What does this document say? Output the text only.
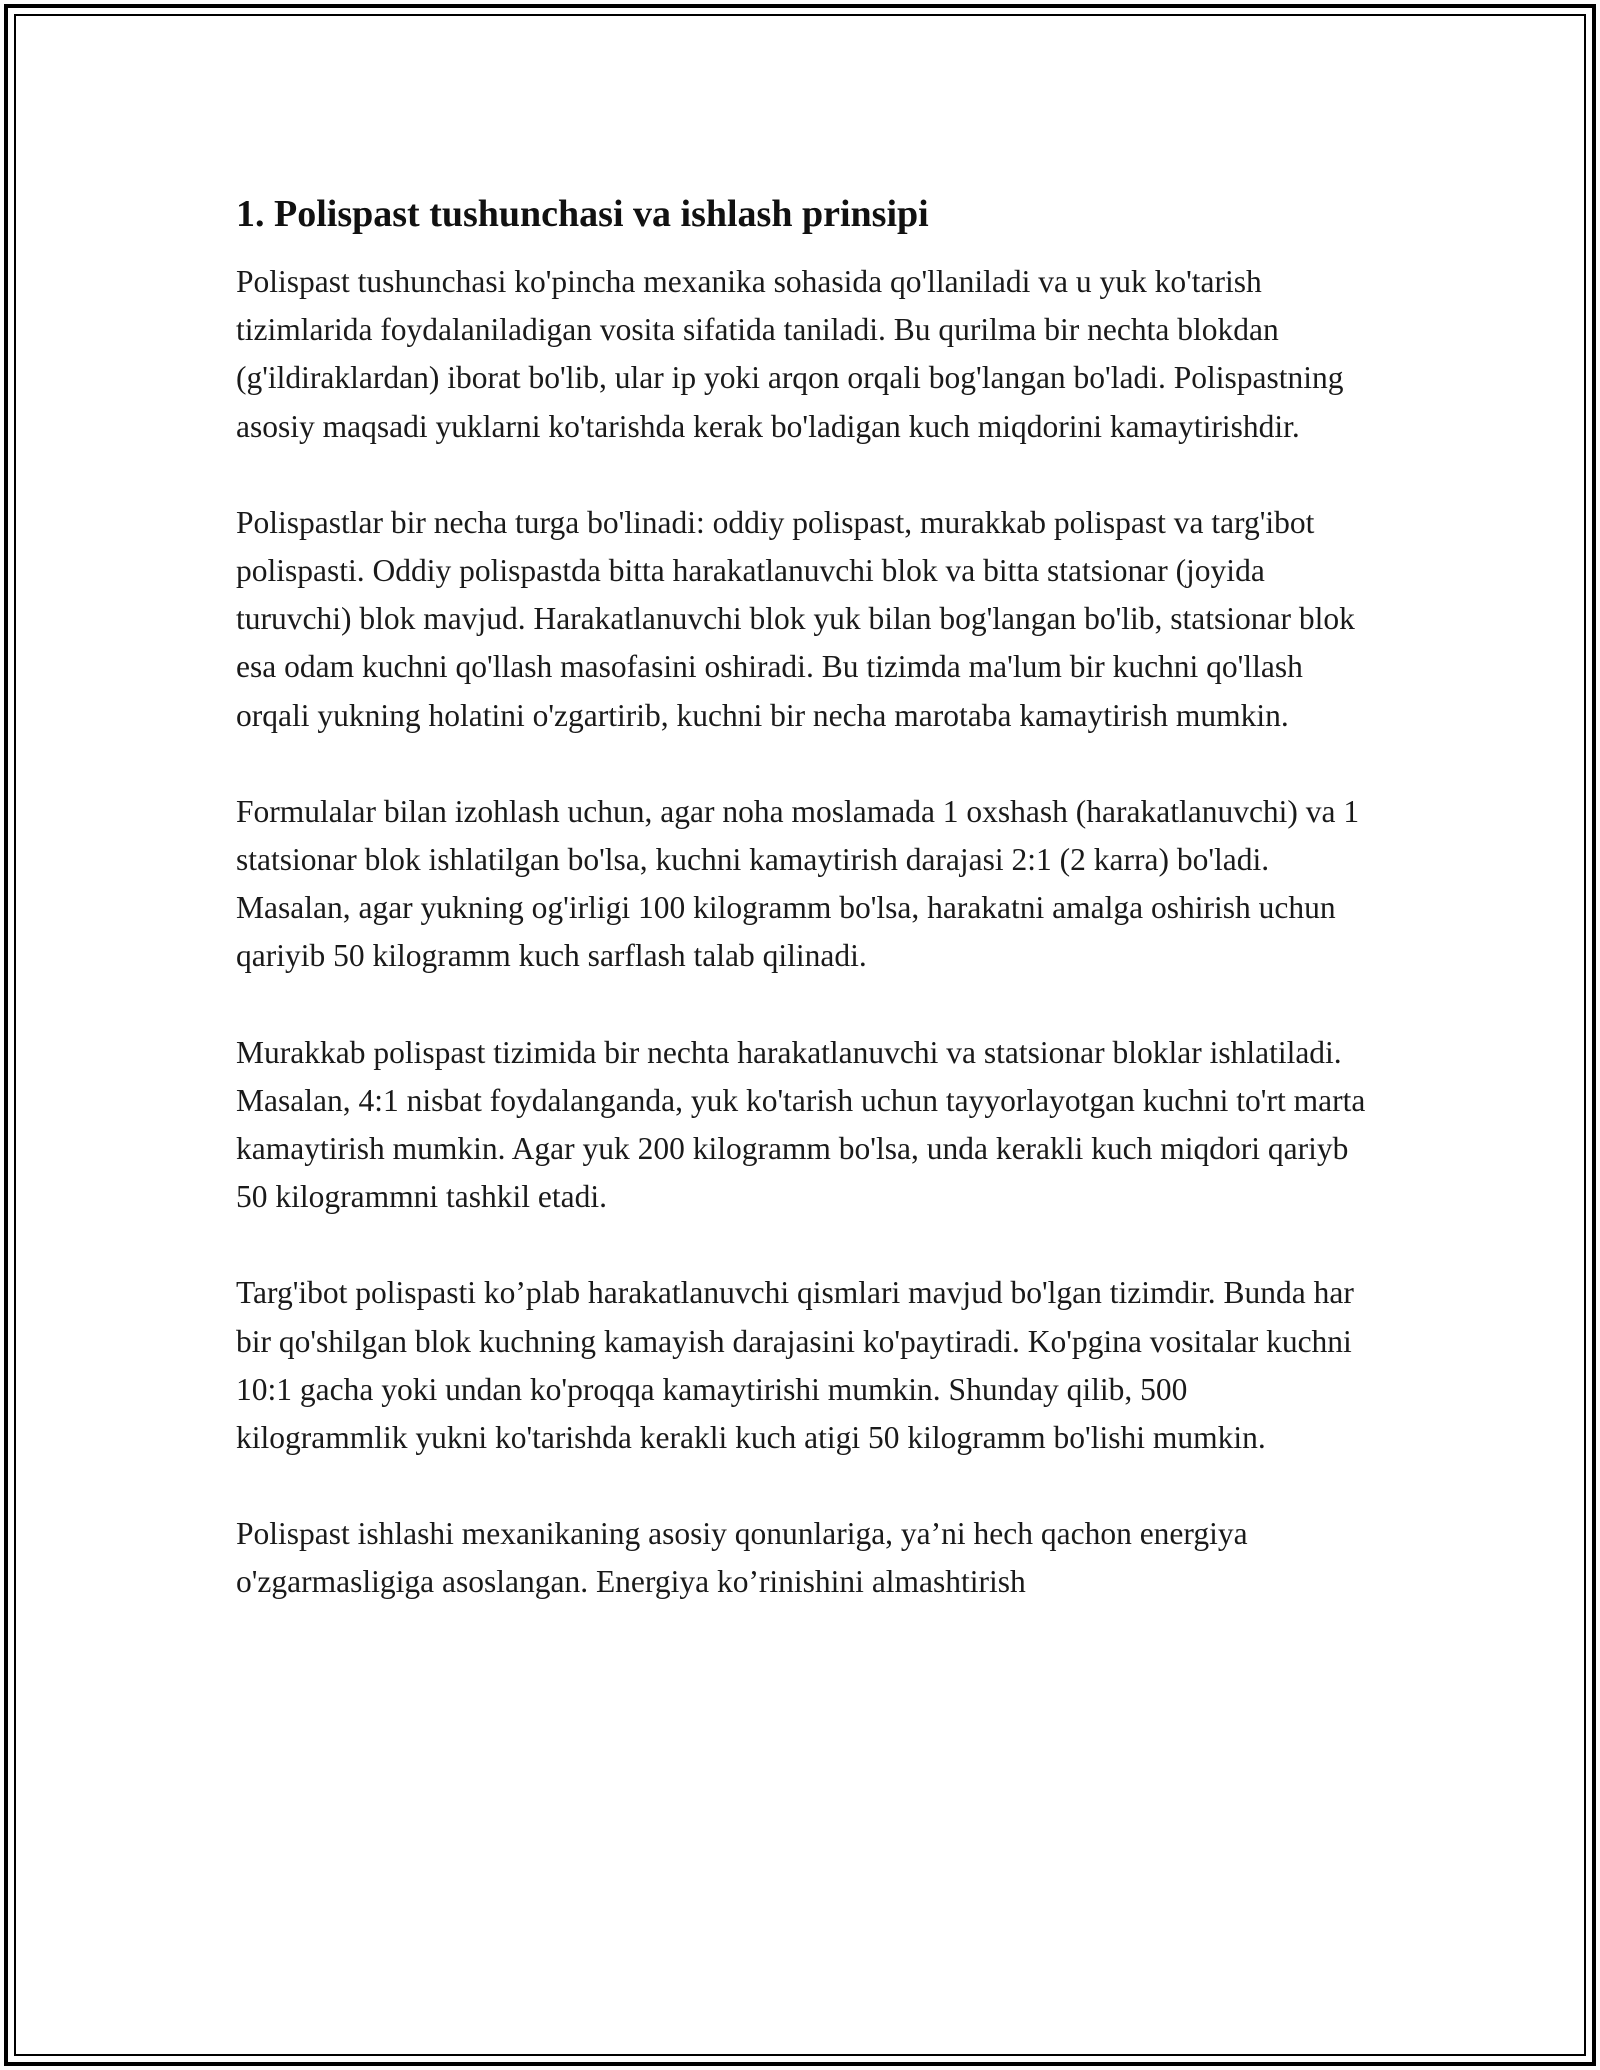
1. Polispast tushunchasi va ishlash prinsipi

Polispast tushunchasi ko'pincha mexanika sohasida qo'llaniladi va u yuk ko'tarish tizimlarida foydalaniladigan vosita sifatida taniladi. Bu qurilma bir nechta blokdan (g'ildiraklardan) iborat bo'lib, ular ip yoki arqon orqali bog'langan bo'ladi. Polispastning asosiy maqsadi yuklarni ko'tarishda kerak bo'ladigan kuch miqdorini kamaytirishdir.

Polispastlar bir necha turga bo'linadi: oddiy polispast, murakkab polispast va targ'ibot polispasti. Oddiy polispastda bitta harakatlanuvchi blok va bitta statsionar (joyida turuvchi) blok mavjud. Harakatlanuvchi blok yuk bilan bog'langan bo'lib, statsionar blok esa odam kuchni qo'llash masofasini oshiradi. Bu tizimda ma'lum bir kuchni qo'llash orqali yukning holatini o'zgartirib, kuchni bir necha marotaba kamaytirish mumkin.

Formulalar bilan izohlash uchun, agar noha moslamada 1 oxshash (harakatlanuvchi) va 1 statsionar blok ishlatilgan bo'lsa, kuchni kamaytirish darajasi 2:1 (2 karra) bo'ladi. Masalan, agar yukning og'irligi 100 kilogramm bo'lsa, harakatni amalga oshirish uchun qariyib 50 kilogramm kuch sarflash talab qilinadi.

Murakkab polispast tizimida bir nechta harakatlanuvchi va statsionar bloklar ishlatiladi. Masalan, 4:1 nisbat foydalanganda, yuk ko'tarish uchun tayyorlayotgan kuchni to'rt marta kamaytirish mumkin. Agar yuk 200 kilogramm bo'lsa, unda kerakli kuch miqdori qariyb 50 kilogrammni tashkil etadi.

Targ'ibot polispasti ko’plab harakatlanuvchi qismlari mavjud bo'lgan tizimdir. Bunda har bir qo'shilgan blok kuchning kamayish darajasini ko'paytiradi. Ko'pgina vositalar kuchni 10:1 gacha yoki undan ko'proqqa kamaytirishi mumkin. Shunday qilib, 500 kilogrammlik yukni ko'tarishda kerakli kuch atigi 50 kilogramm bo'lishi mumkin.

Polispast ishlashi mexanikaning asosiy qonunlariga, ya’ni hech qachon energiya o'zgarmasligiga asoslangan. Energiya ko’rinishini almashtirish
